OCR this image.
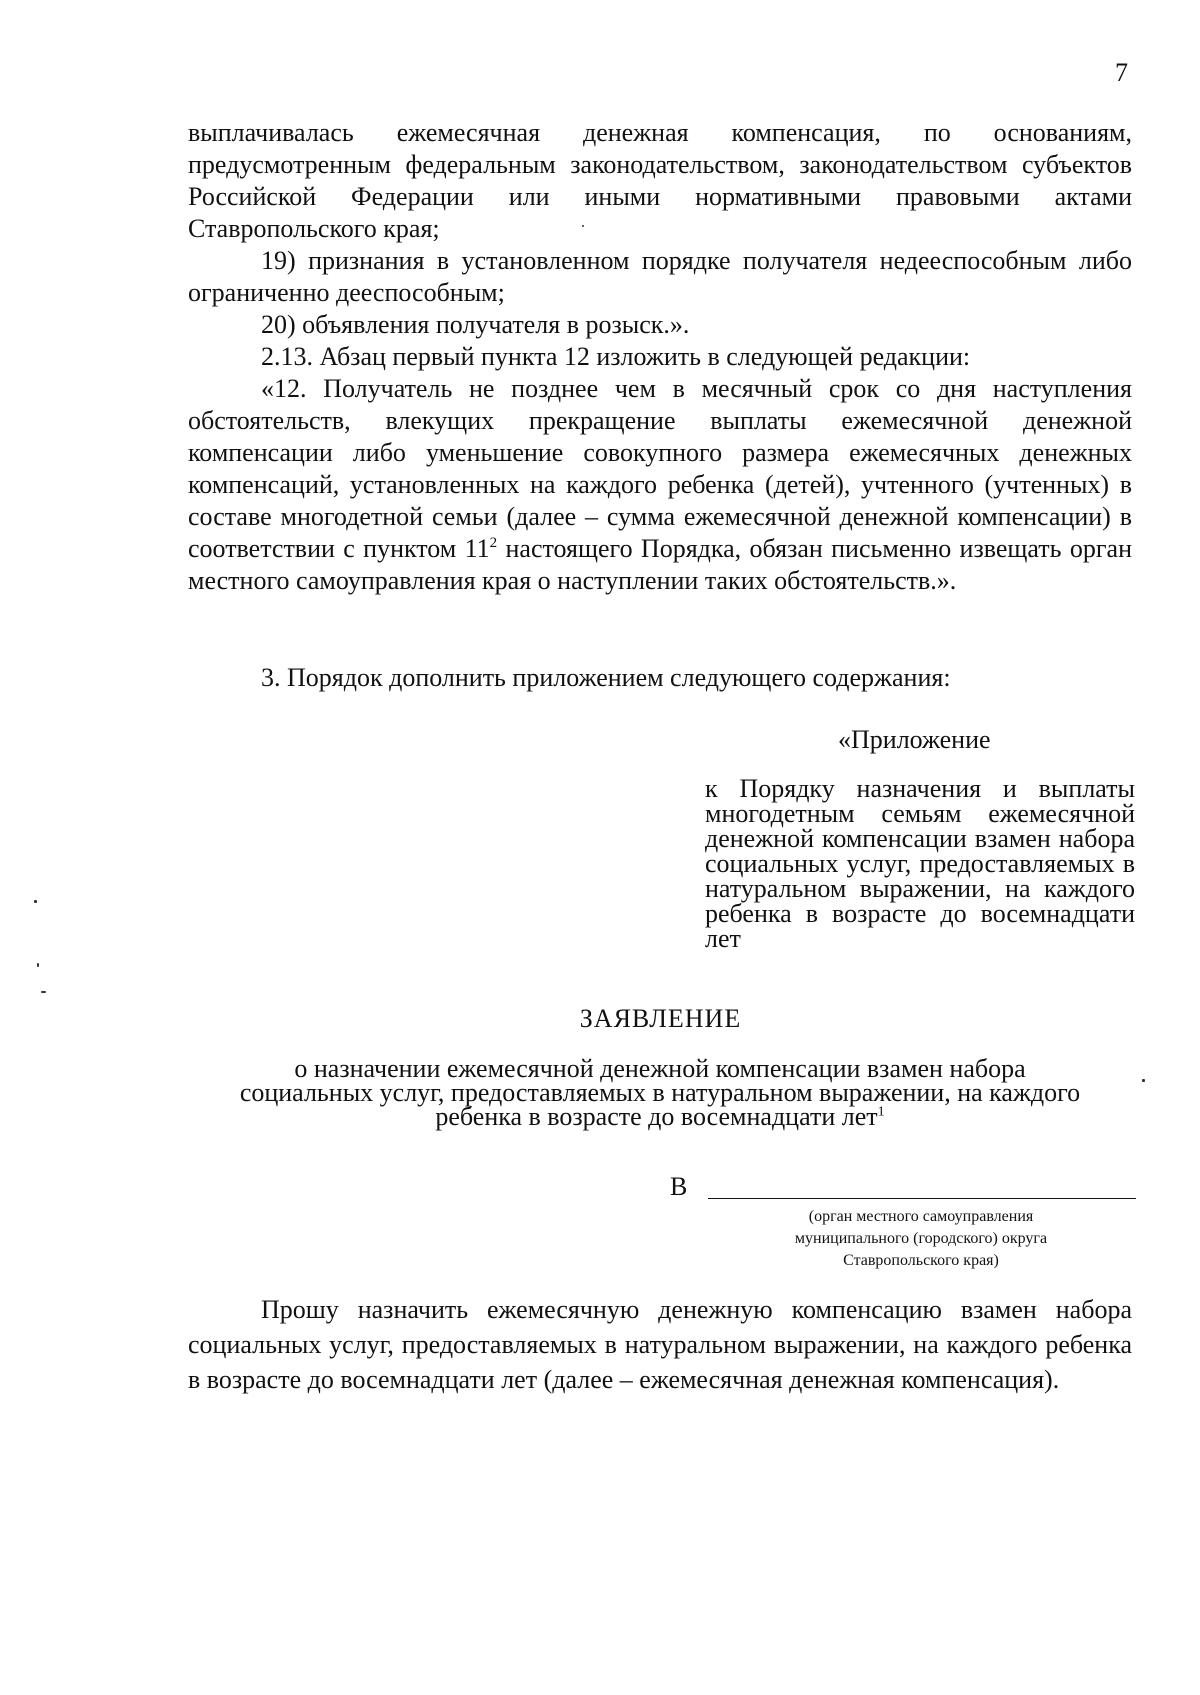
7

выплачивалась ежемесячная денежная компенсация, по основаниям, предусмотренным федеральным законодательством, законодательством субъектов Российской Федерации или иными нормативными правовыми актами Ставропольского края;

19) признания в установленном порядке получателя недееспособным либо ограниченно дееспособным;

20) объявления получателя в розыск.».

2.13. Абзац первый пункта 12 изложить в следующей редакции:

«12. Получатель не позднее чем в месячный срок со дня наступления обстоятельств, влекущих прекращение выплаты ежемесячной денежной компенсации либо уменьшение совокупного размера ежемесячных денежных компенсаций, установленных на каждого ребенка (детей), учтенного (учтенных) в составе многодетной семьи (далее – сумма ежемесячной денежной компенсации) в соответствии с пунктом $11^2$ настоящего Порядка, обязан письменно извещать орган местного самоуправления края о наступлении таких обстоятельств.».

3. Порядок дополнить приложением следующего содержания:

«Приложение
к Порядку назначения и выплаты многодетным семьям ежемесячной денежной компенсации взамен набора социальных услуг, предоставляемых в натуральном выражении, на каждого ребенка в возрасте до восемнадцати лет
ЗАЯВЛЕНИЕ
о назначении ежемесячной денежной компенсации взамен набора
социальных услуг, предоставляемых в натуральном выражении, на каждого
ребенка в возрасте до восемнадцати лет$^1$
В
(орган местного самоуправления
муниципального (городского) округа
Ставропольского края)

Прошу назначить ежемесячную денежную компенсацию взамен набора социальных услуг, предоставляемых в натуральном выражении, на каждого ребенка в возрасте до восемнадцати лет (далее – ежемесячная денежная компенсация).
